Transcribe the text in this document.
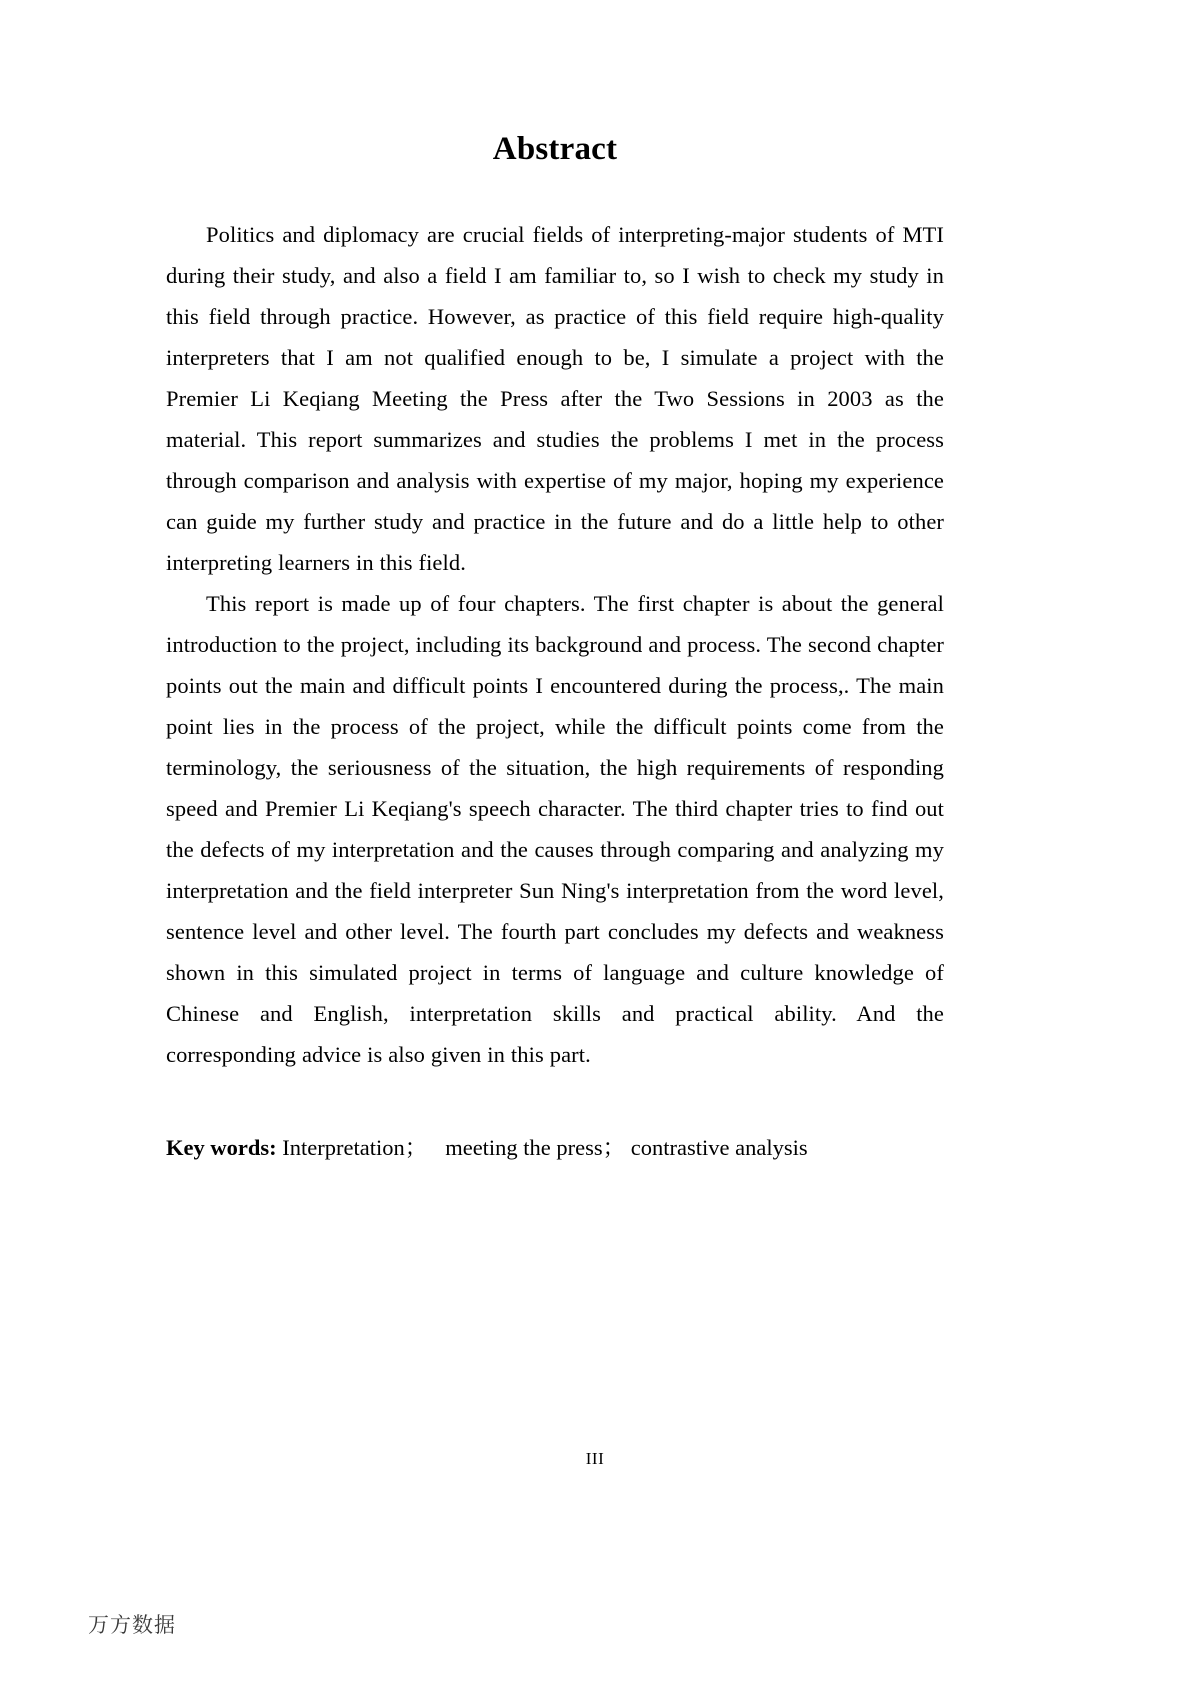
Abstract

Politics and diplomacy are crucial fields of interpreting-major students of MTI during their study, and also a field I am familiar to, so I wish to check my study in this field through practice. However, as practice of this field require high-quality interpreters that I am not qualified enough to be, I simulate a project with the Premier Li Keqiang Meeting the Press after the Two Sessions in 2003 as the material. This report summarizes and studies the problems I met in the process through comparison and analysis with expertise of my major, hoping my experience can guide my further study and practice in the future and do a little help to other interpreting learners in this field.

This report is made up of four chapters. The first chapter is about the general introduction to the project, including its background and process. The second chapter points out the main and difficult points I encountered during the process,. The main point lies in the process of the project, while the difficult points come from the terminology, the seriousness of the situation, the high requirements of responding speed and Premier Li Keqiang's speech character. The third chapter tries to find out the defects of my interpretation and the causes through comparing and analyzing my interpretation and the field interpreter Sun Ning's interpretation from the word level, sentence level and other level. The fourth part concludes my defects and weakness shown in this simulated project in terms of language and culture knowledge of Chinese and English, interpretation skills and practical ability. And the corresponding advice is also given in this part.

Key words: Interpretation； meeting the press； contrastive analysis

III
万方数据
